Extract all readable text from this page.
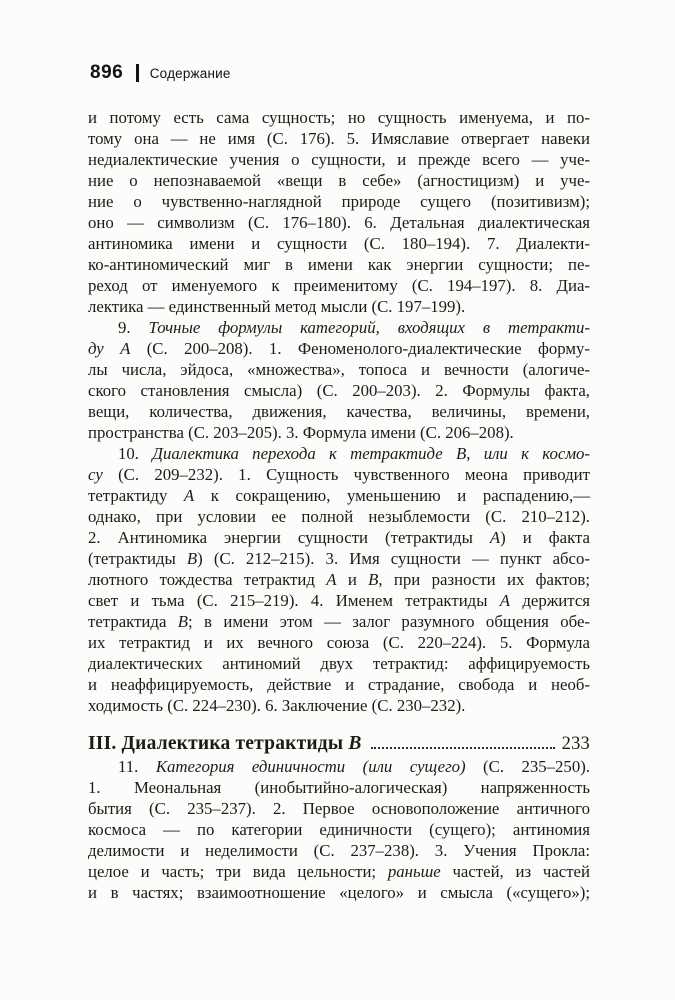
896 Содержание
и потому есть сама сущность; но сущность именуема, и по-
тому она — не имя (С. 176). 5. Имяславие отвергает навеки
недиалектические учения о сущности, и прежде всего — уче-
ние о непознаваемой «вещи в себе» (агностицизм) и уче-
ние о чувственно-наглядной природе сущего (позитивизм);
оно — символизм (С. 176–180). 6. Детальная диалектическая
антиномика имени и сущности (С. 180–194). 7. Диалекти-
ко-антиномический миг в имени как энергии сущности; пе-
реход от именуемого к преименитому (С. 194–197). 8. Диа-
лектика — единственный метод мысли (С. 197–199).
9. Точные формулы категорий, входящих в тетракти-
ду А (С. 200–208). 1. Феноменолого-диалектические форму-
лы числа, эйдоса, «множества», топоса и вечности (алогиче-
ского становления смысла) (С. 200–203). 2. Формулы факта,
вещи, количества, движения, качества, величины, времени,
пространства (С. 203–205). 3. Формула имени (С. 206–208).
10. Диалектика перехода к тетрактиде В, или к космо-
су (С. 209–232). 1. Сущность чувственного меона приводит
тетрактиду А к сокращению, уменьшению и распадению,—
однако, при условии ее полной незыблемости (С. 210–212).
2. Антиномика энергии сущности (тетрактиды А) и факта
(тетрактиды В) (С. 212–215). 3. Имя сущности — пункт абсо-
лютного тождества тетрактид А и В, при разности их фактов;
свет и тьма (С. 215–219). 4. Именем тетрактиды А держится
тетрактида В; в имени этом — залог разумного общения обе-
их тетрактид и их вечного союза (С. 220–224). 5. Формула
диалектических антиномий двух тетрактид: аффицируемость
и неаффицируемость, действие и страдание, свобода и необ-
ходимость (С. 224–230). 6. Заключение (С. 230–232).
III. Диалектика тетрактиды В	233
11. Категория единичности (или сущего) (С. 235–250).
1. Меональная (инобытийно-алогическая) напряженность
бытия (С. 235–237). 2. Первое основоположение античного
космоса — по категории единичности (сущего); антиномия
делимости и неделимости (С. 237–238). 3. Учения Прокла:
целое и часть; три вида цельности; раньше частей, из частей
и в частях; взаимоотношение «целого» и смысла («сущего»);
